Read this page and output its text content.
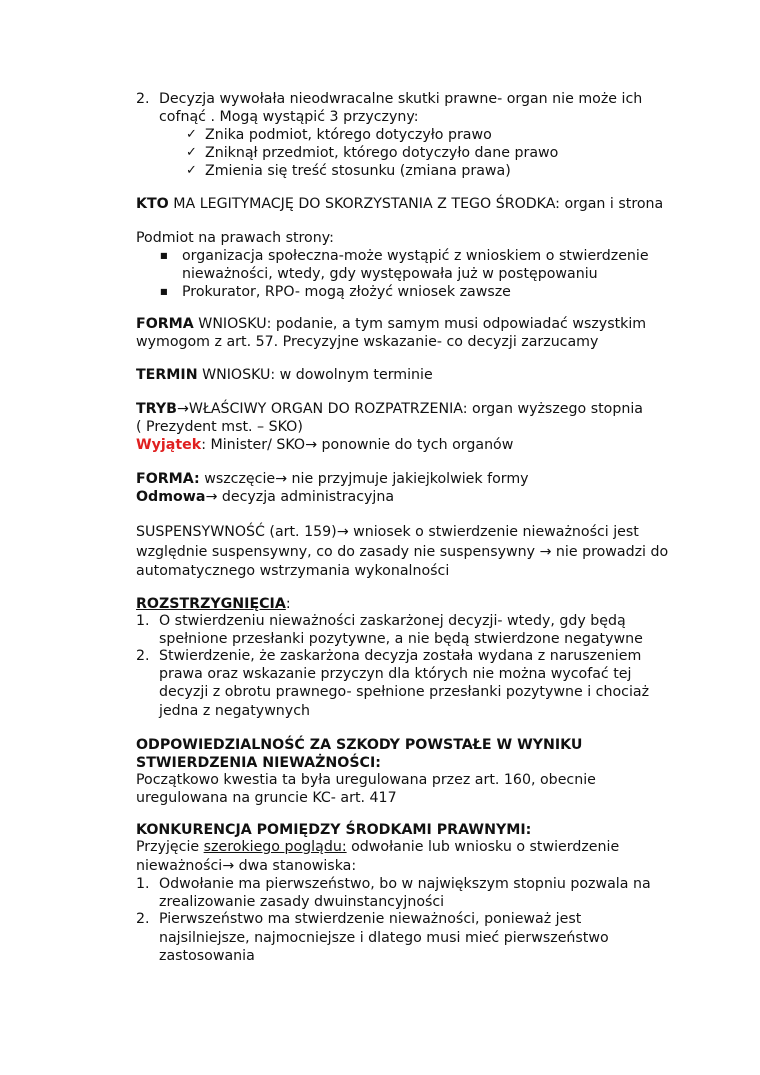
2. Decyzja wywołała nieodwracalne skutki prawne- organ nie może ich
cofnąć . Mogą wystąpić 3 przyczyny:
✓ Znika podmiot, którego dotyczyło prawo
✓ Zniknął przedmiot, którego dotyczyło dane prawo
✓ Zmienia się treść stosunku (zmiana prawa)
KTO MA LEGITYMACJĘ DO SKORZYSTANIA Z TEGO ŚRODKA: organ i strona
Podmiot na prawach strony:
■ organizacja społeczna-może wystąpić z wnioskiem o stwierdzenie
nieważności, wtedy, gdy występowała już w postępowaniu
■ Prokurator, RPO- mogą złożyć wniosek zawsze
FORMA WNIOSKU: podanie, a tym samym musi odpowiadać wszystkim
wymogom z art. 57. Precyzyjne wskazanie- co decyzji zarzucamy
TERMIN WNIOSKU: w dowolnym terminie
TRYB→WŁAŚCIWY ORGAN DO ROZPATRZENIA: organ wyższego stopnia
( Prezydent mst. – SKO)
Wyjątek: Minister/ SKO→ ponownie do tych organów
FORMA: wszczęcie→ nie przyjmuje jakiejkolwiek formy
Odmowa→ decyzja administracyjna
SUSPENSYWNOŚĆ (art. 159)→ wniosek o stwierdzenie nieważności jest
względnie suspensywny, co do zasady nie suspensywny → nie prowadzi do
automatycznego wstrzymania wykonalności
ROZSTRZYGNIĘCIA:
1. O stwierdzeniu nieważności zaskarżonej decyzji- wtedy, gdy będą
spełnione przesłanki pozytywne, a nie będą stwierdzone negatywne
2. Stwierdzenie, że zaskarżona decyzja została wydana z naruszeniem
prawa oraz wskazanie przyczyn dla których nie można wycofać tej
decyzji z obrotu prawnego- spełnione przesłanki pozytywne i chociaż
jedna z negatywnych
ODPOWIEDZIALNOŚĆ ZA SZKODY POWSTAŁE W WYNIKU
STWIERDZENIA NIEWAŻNOŚCI:
Początkowo kwestia ta była uregulowana przez art. 160, obecnie
uregulowana na gruncie KC- art. 417
KONKURENCJA POMIĘDZY ŚRODKAMI PRAWNYMI:
Przyjęcie szerokiego poglądu: odwołanie lub wniosku o stwierdzenie
nieważności→ dwa stanowiska:
1. Odwołanie ma pierwszeństwo, bo w największym stopniu pozwala na
zrealizowanie zasady dwuinstancyjności
2. Pierwszeństwo ma stwierdzenie nieważności, ponieważ jest
najsilniejsze, najmocniejsze i dlatego musi mieć pierwszeństwo
zastosowania
